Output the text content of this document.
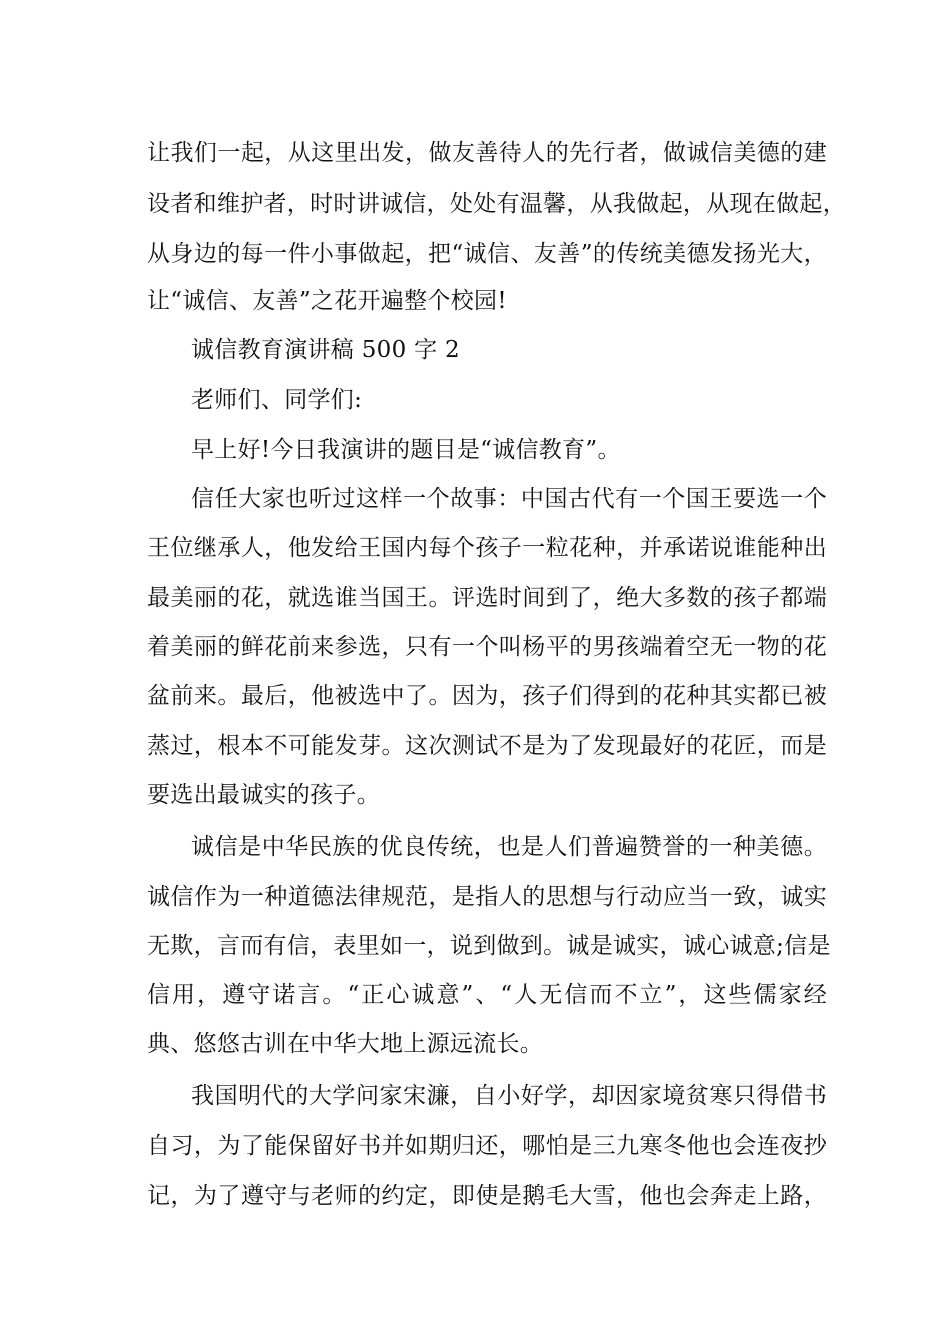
让我们一起，从这里出发，做友善待人的先行者，做诚信美德的建
设者和维护者，时时讲诚信，处处有温馨，从我做起，从现在做起，
从身边的每一件小事做起，把“诚信、友善”的传统美德发扬光大，
让“诚信、友善”之花开遍整个校园!
诚信教育演讲稿 500 字 2
老师们、同学们:
早上好!今日我演讲的题目是“诚信教育”。
信任大家也听过这样一个故事：中国古代有一个国王要选一个
王位继承人，他发给王国内每个孩子一粒花种，并承诺说谁能种出
最美丽的花，就选谁当国王。评选时间到了，绝大多数的孩子都端
着美丽的鲜花前来参选，只有一个叫杨平的男孩端着空无一物的花
盆前来。最后，他被选中了。因为，孩子们得到的花种其实都已被
蒸过，根本不可能发芽。这次测试不是为了发现最好的花匠，而是
要选出最诚实的孩子。
诚信是中华民族的优良传统，也是人们普遍赞誉的一种美德。
诚信作为一种道德法律规范，是指人的思想与行动应当一致，诚实
无欺，言而有信，表里如一，说到做到。诚是诚实，诚心诚意;信是
信用，遵守诺言。“正心诚意”、“人无信而不立”，这些儒家经
典、悠悠古训在中华大地上源远流长。
我国明代的大学问家宋濂，自小好学，却因家境贫寒只得借书
自习，为了能保留好书并如期归还，哪怕是三九寒冬他也会连夜抄
记，为了遵守与老师的约定，即使是鹅毛大雪，他也会奔走上路，
